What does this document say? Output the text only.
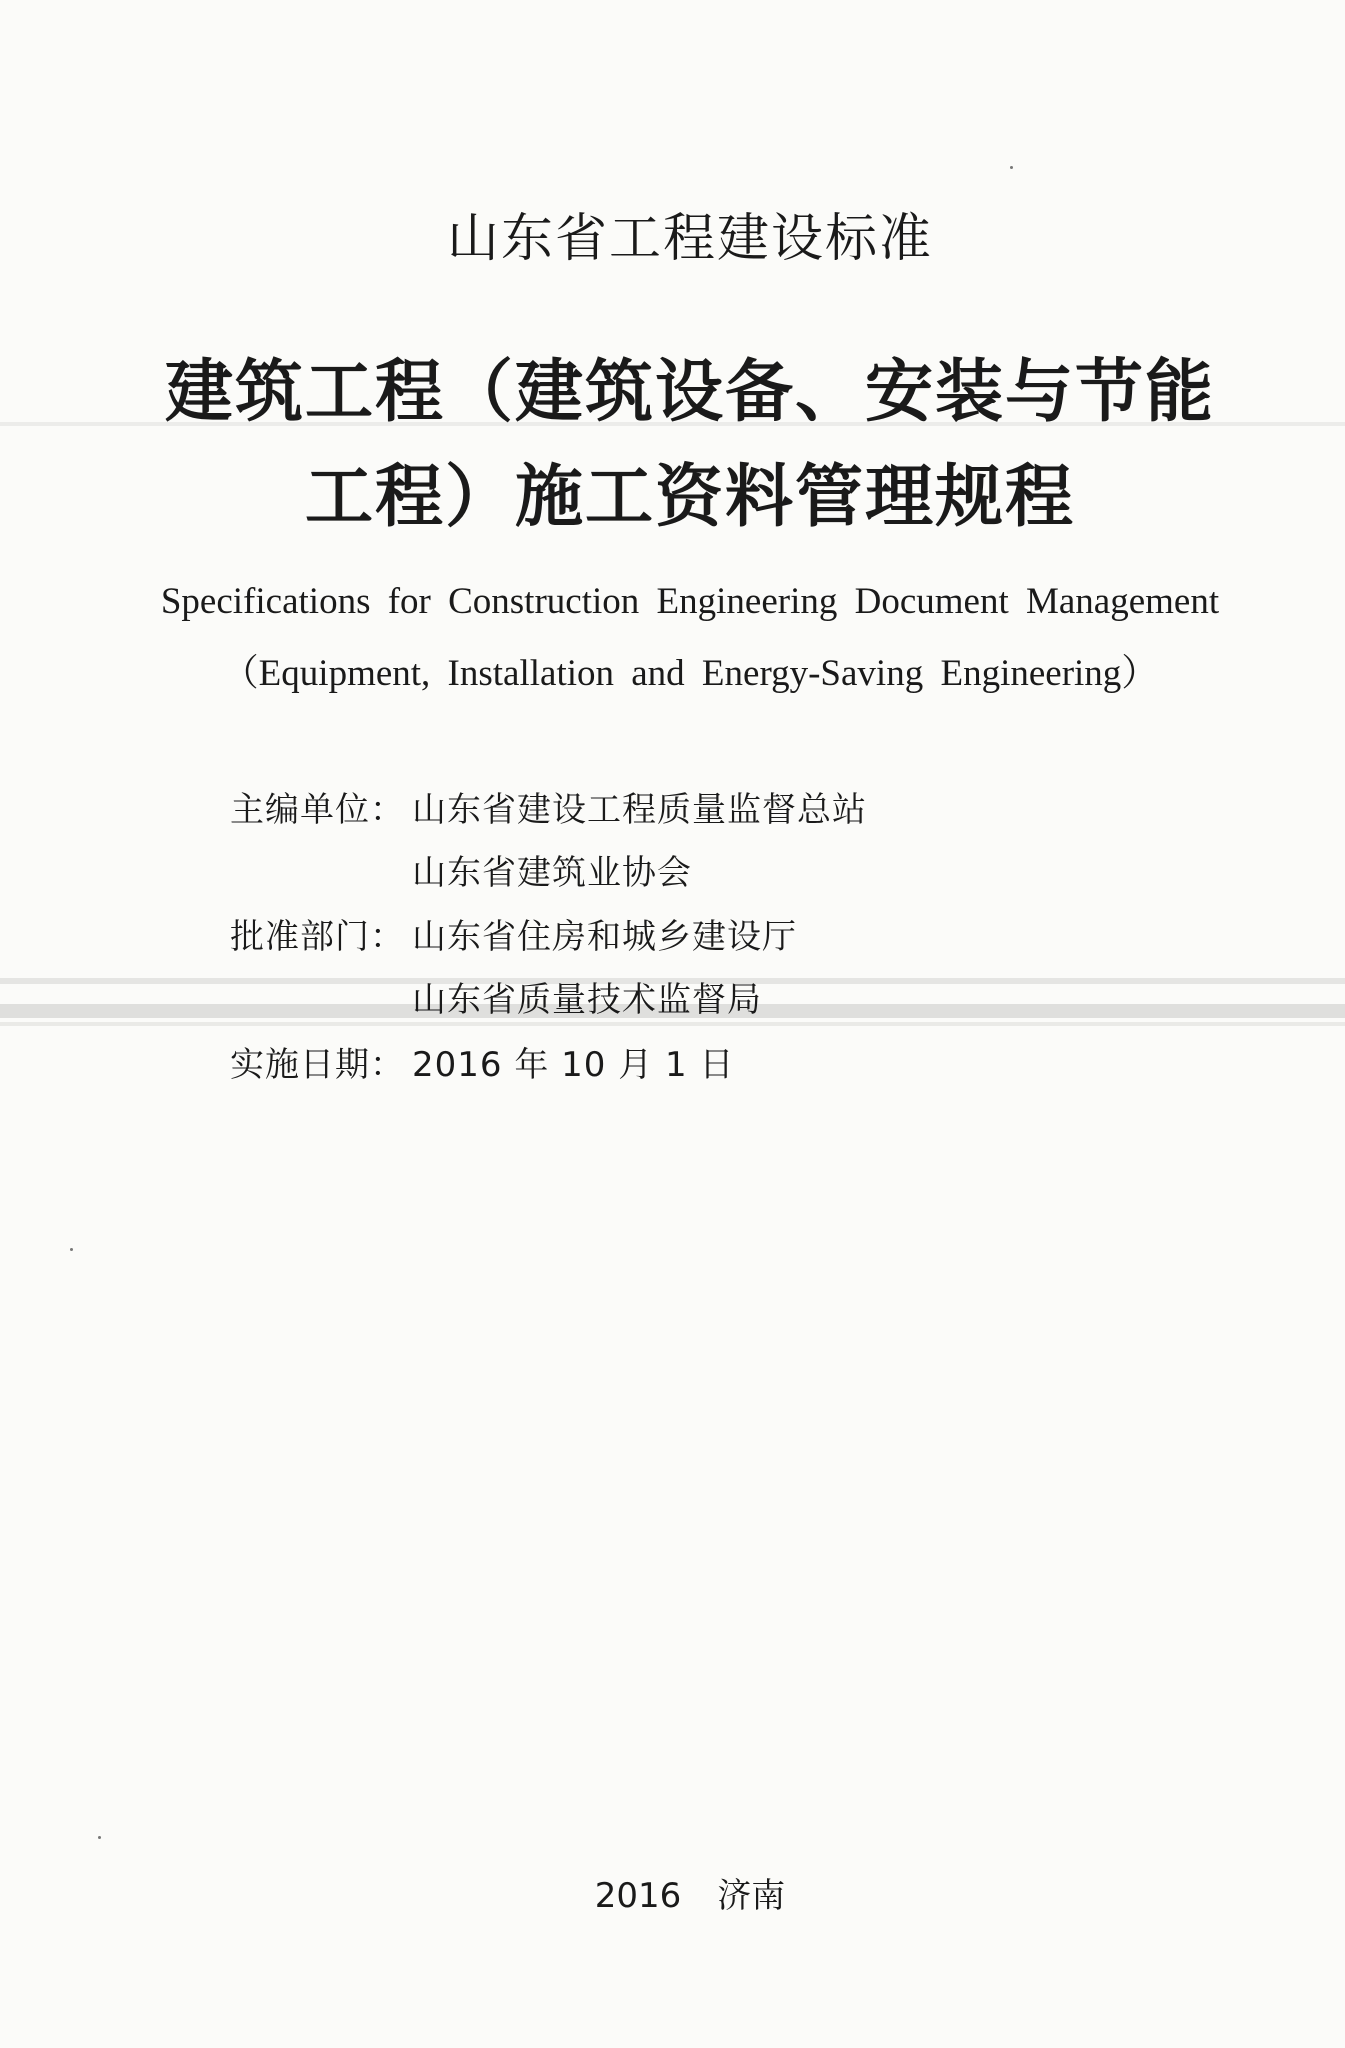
山东省工程建设标准
建筑工程（建筑设备、安装与节能
工程）施工资料管理规程
Specifications for Construction Engineering Document Management
（Equipment, Installation and Energy-Saving Engineering）
主编单位： 山东省建设工程质量监督总站
山东省建筑业协会
批准部门： 山东省住房和城乡建设厅
山东省质量技术监督局
实施日期： 2016 年 10 月 1 日
2016 济南
